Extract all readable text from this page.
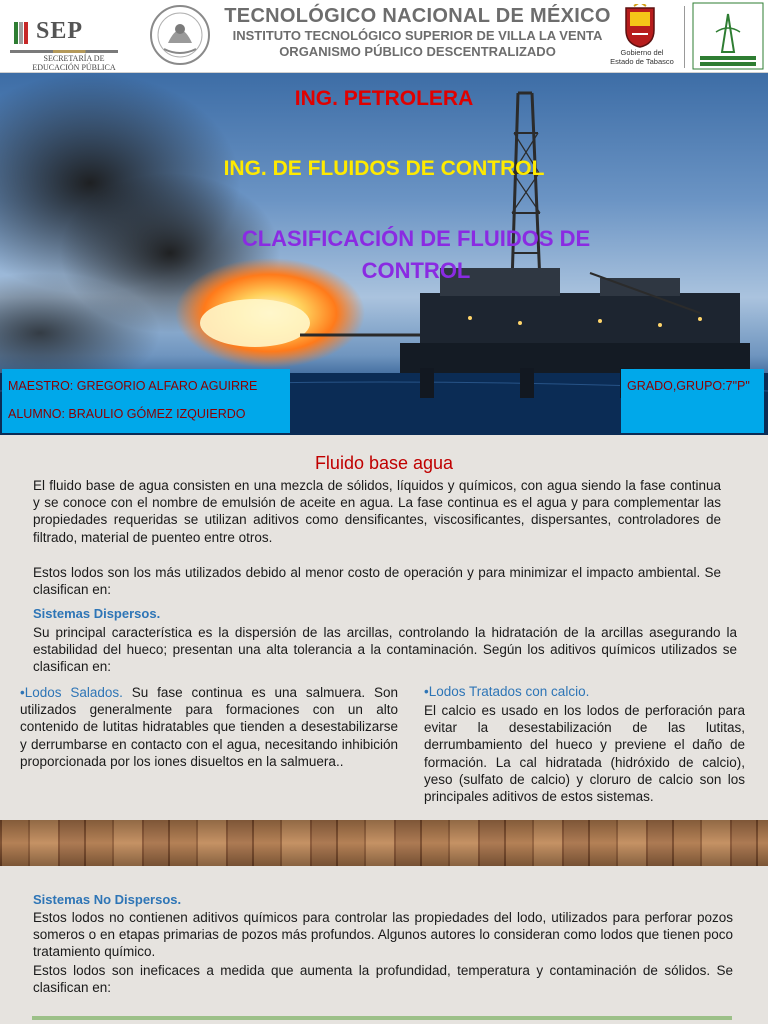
SEP
SECRETARÍA DE
EDUCACIÓN PÚBLICA
TECNOLÓGICO NACIONAL DE MÉXICO
INSTITUTO TECNOLÓGICO SUPERIOR DE VILLA LA VENTA
ORGANISMO PÚBLICO DESCENTRALIZADO	Gobierno del
Estado de Tabasco
ING. PETROLERA
ING. DE FLUIDOS DE CONTROL
CLASIFICACIÓN DE FLUIDOS DE CONTROL
MAESTRO: GREGORIO ALFARO AGUIRRE
ALUMNO: BRAULIO GÓMEZ IZQUIERDO
GRADO,GRUPO:7"P"
Fluido base agua

El fluido base de agua consisten en una mezcla de sólidos, líquidos y químicos, con agua siendo la fase continua y se conoce con el nombre de emulsión de aceite en agua. La fase continua es el agua y para complementar las propiedades requeridas se utilizan aditivos como densificantes, viscosificantes, dispersantes, controladores de filtrado, material de puenteo entre otros.

Estos lodos son los más utilizados debido al menor costo de operación y para minimizar el impacto ambiental. Se clasifican en:

Sistemas Dispersos.

Su principal característica es la dispersión de las arcillas, controlando la hidratación de la arcillas asegurando la estabilidad del hueco; presentan una alta tolerancia a la contaminación. Según los aditivos químicos utilizados se clasifican en:

•Lodos Salados. Su fase continua es una salmuera. Son utilizados generalmente para formaciones con un alto contenido de lutitas hidratables que tienden a desestabilizarse y derrumbarse en contacto con el agua, necesitando inhibición proporcionada por los iones disueltos en la salmuera..

•Lodos Tratados con calcio.

El calcio es usado en los lodos de perforación para evitar la desestabilización de las lutitas, derrumbamiento del hueco y previene el daño de formación. La cal hidratada (hidróxido de calcio), yeso (sulfato de calcio) y cloruro de calcio son los principales aditivos de estos sistemas.

Sistemas No Dispersos.

Estos lodos no contienen aditivos químicos para controlar las propiedades del lodo, utilizados para perforar pozos someros o en etapas primarias de pozos más profundos. Algunos autores lo consideran como lodos que tienen poco tratamiento químico.

Estos lodos son ineficaces a medida que aumenta la profundidad, temperatura y contaminación de sólidos. Se clasifican en:
